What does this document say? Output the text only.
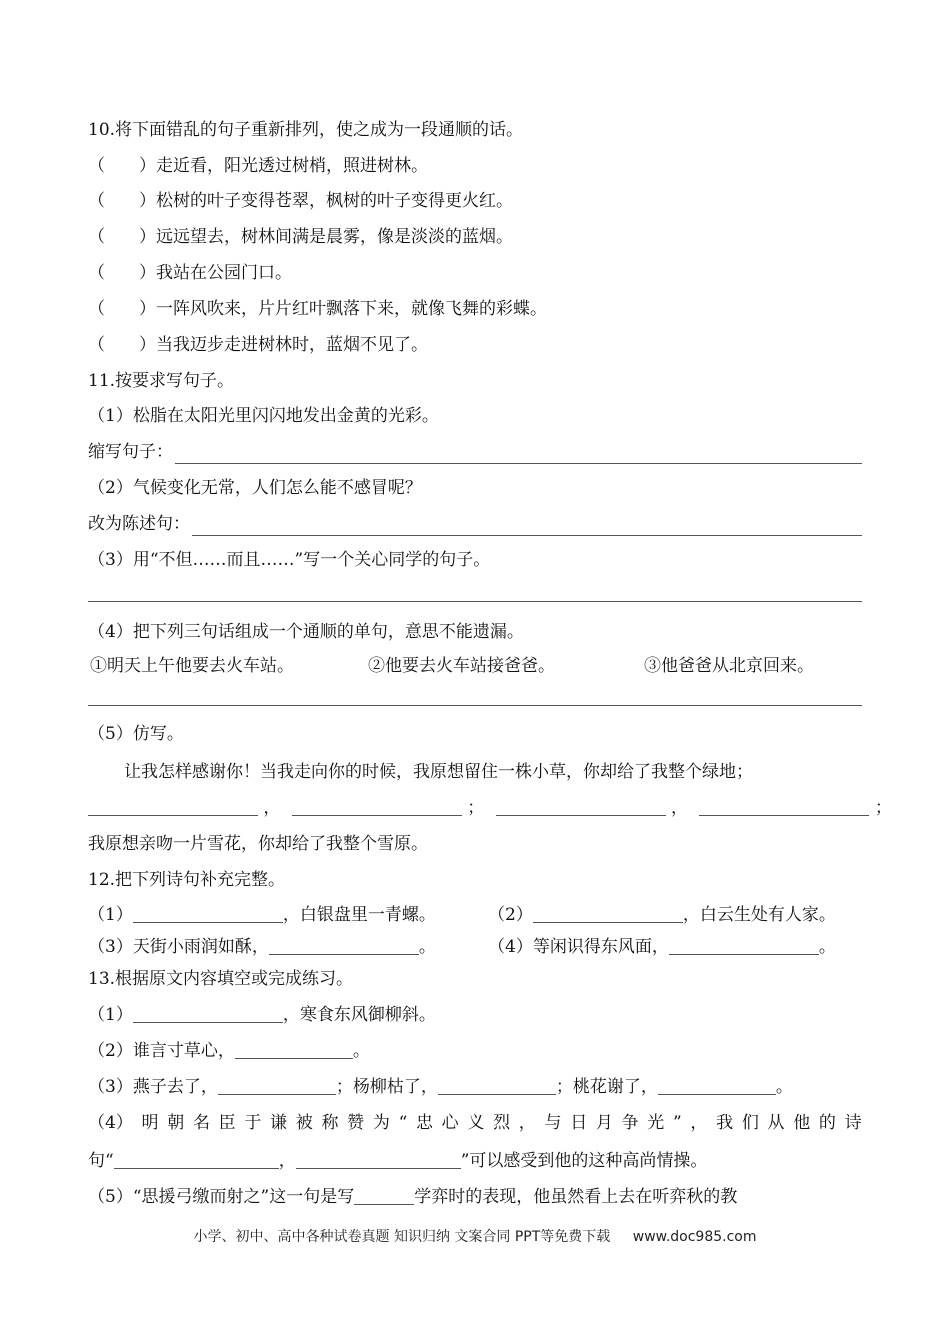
10.将下面错乱的句子重新排列，使之成为一段通顺的话。
（　　）走近看，阳光透过树梢，照进树林。
（　　）松树的叶子变得苍翠，枫树的叶子变得更火红。
（　　）远远望去，树林间满是晨雾，像是淡淡的蓝烟。
（　　）我站在公园门口。
（　　）一阵风吹来，片片红叶飘落下来，就像飞舞的彩蝶。
（　　）当我迈步走进树林时，蓝烟不见了。
11.按要求写句子。
（1）松脂在太阳光里闪闪地发出金黄的光彩。
缩写句子：
（2）气候变化无常，人们怎么能不感冒呢？
改为陈述句：
（3）用“不但……而且……”写一个关心同学的句子。
（4）把下列三句话组成一个通顺的单句，意思不能遗漏。
①明天上午他要去火车站。	②他要去火车站接爸爸。	③他爸爸从北京回来。
（5）仿写。
让我怎样感谢你！当我走向你的时候，我原想留住一株小草，你却给了我整个绿地；
，	；	，	；
我原想亲吻一片雪花，你却给了我整个雪原。
12.把下列诗句补充完整。
（1）	，白银盘里一青螺。	（2）	，白云生处有人家。
（3）天街小雨润如酥，	。	（4）等闲识得东风面，	。
13.根据原文内容填空或完成练习。
（1）	，寒食东风御柳斜。
（2）谁言寸草心，	。
（3）燕子去了，	；杨柳枯了，	；桃花谢了，	。
（4） 明 朝 名 臣 于 谦 被 称 赞 为 “ 忠 心 义 烈 ， 与 日 月 争 光 ” ， 我 们 从 他 的 诗
句“	，	”可以感受到他的这种高尚情操。
（5）“思援弓缴而射之”这一句是写	学弈时的表现，他虽然看上去在听弈秋的教
小学、初中、高中各种试卷真题 知识归纳 文案合同 PPT等免费下载 www.doc985.com
